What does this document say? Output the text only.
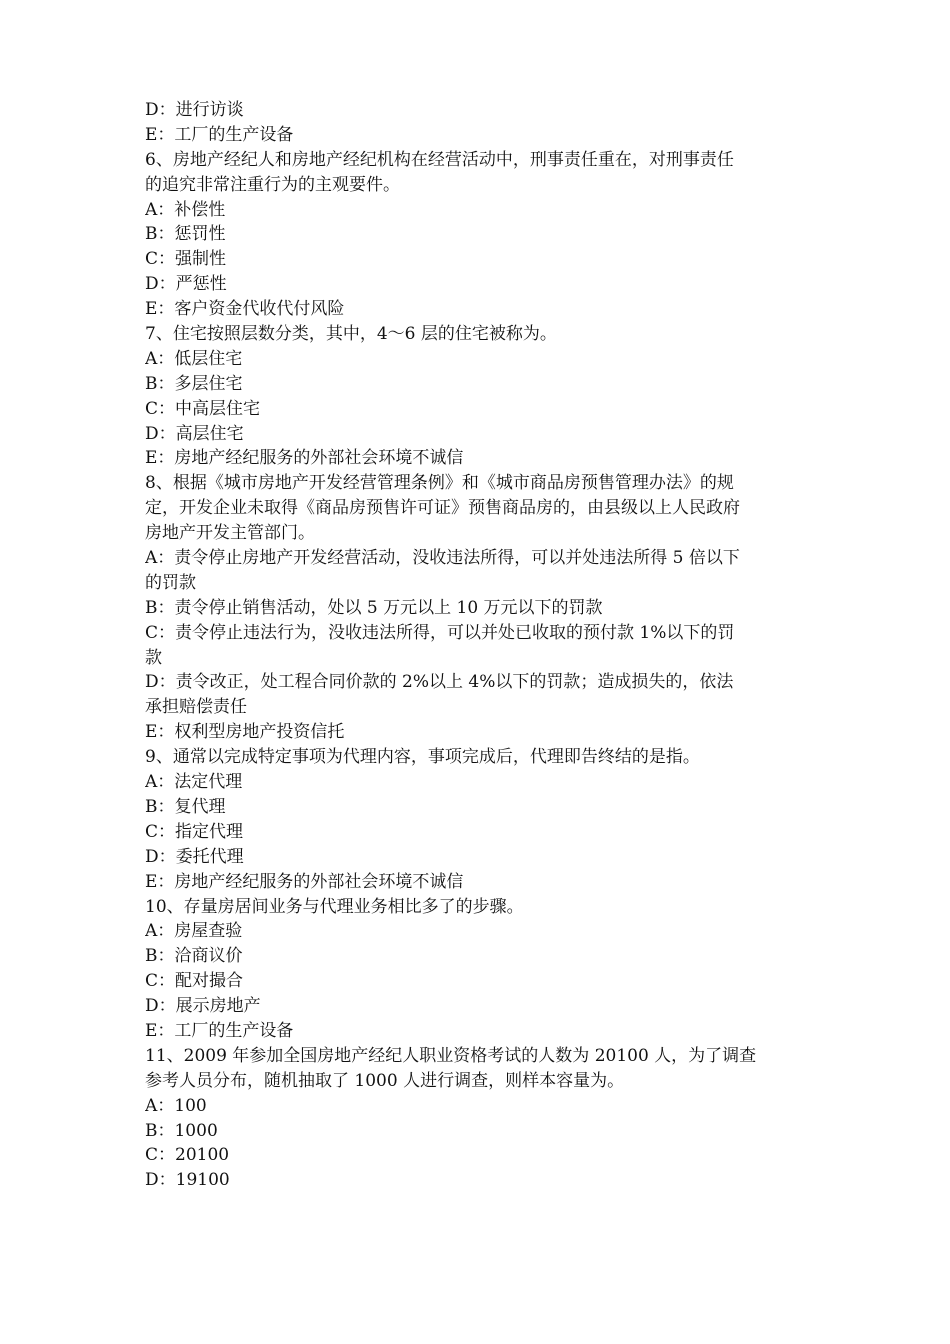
D：进行访谈
E：工厂的生产设备
6、房地产经纪人和房地产经纪机构在经营活动中，刑事责任重在，对刑事责任
的追究非常注重行为的主观要件。
A：补偿性
B：惩罚性
C：强制性
D：严惩性
E：客户资金代收代付风险
7、住宅按照层数分类，其中，4～6 层的住宅被称为。
A：低层住宅
B：多层住宅
C：中高层住宅
D：高层住宅
E：房地产经纪服务的外部社会环境不诚信
8、根据《城市房地产开发经营管理条例》和《城市商品房预售管理办法》的规
定，开发企业未取得《商品房预售许可证》预售商品房的，由县级以上人民政府
房地产开发主管部门。
A：责令停止房地产开发经营活动，没收违法所得，可以并处违法所得 5 倍以下
的罚款
B：责令停止销售活动，处以 5 万元以上 10 万元以下的罚款
C：责令停止违法行为，没收违法所得，可以并处已收取的预付款 1%以下的罚
款
D：责令改正，处工程合同价款的 2%以上 4%以下的罚款；造成损失的，依法
承担赔偿责任
E：权利型房地产投资信托
9、通常以完成特定事项为代理内容，事项完成后，代理即告终结的是指。
A：法定代理
B：复代理
C：指定代理
D：委托代理
E：房地产经纪服务的外部社会环境不诚信
10、存量房居间业务与代理业务相比多了的步骤。
A：房屋查验
B：洽商议价
C：配对撮合
D：展示房地产
E：工厂的生产设备
11、2009 年参加全国房地产经纪人职业资格考试的人数为 20100 人，为了调查
参考人员分布，随机抽取了 1000 人进行调查，则样本容量为。
A：100
B：1000
C：20100
D：19100
